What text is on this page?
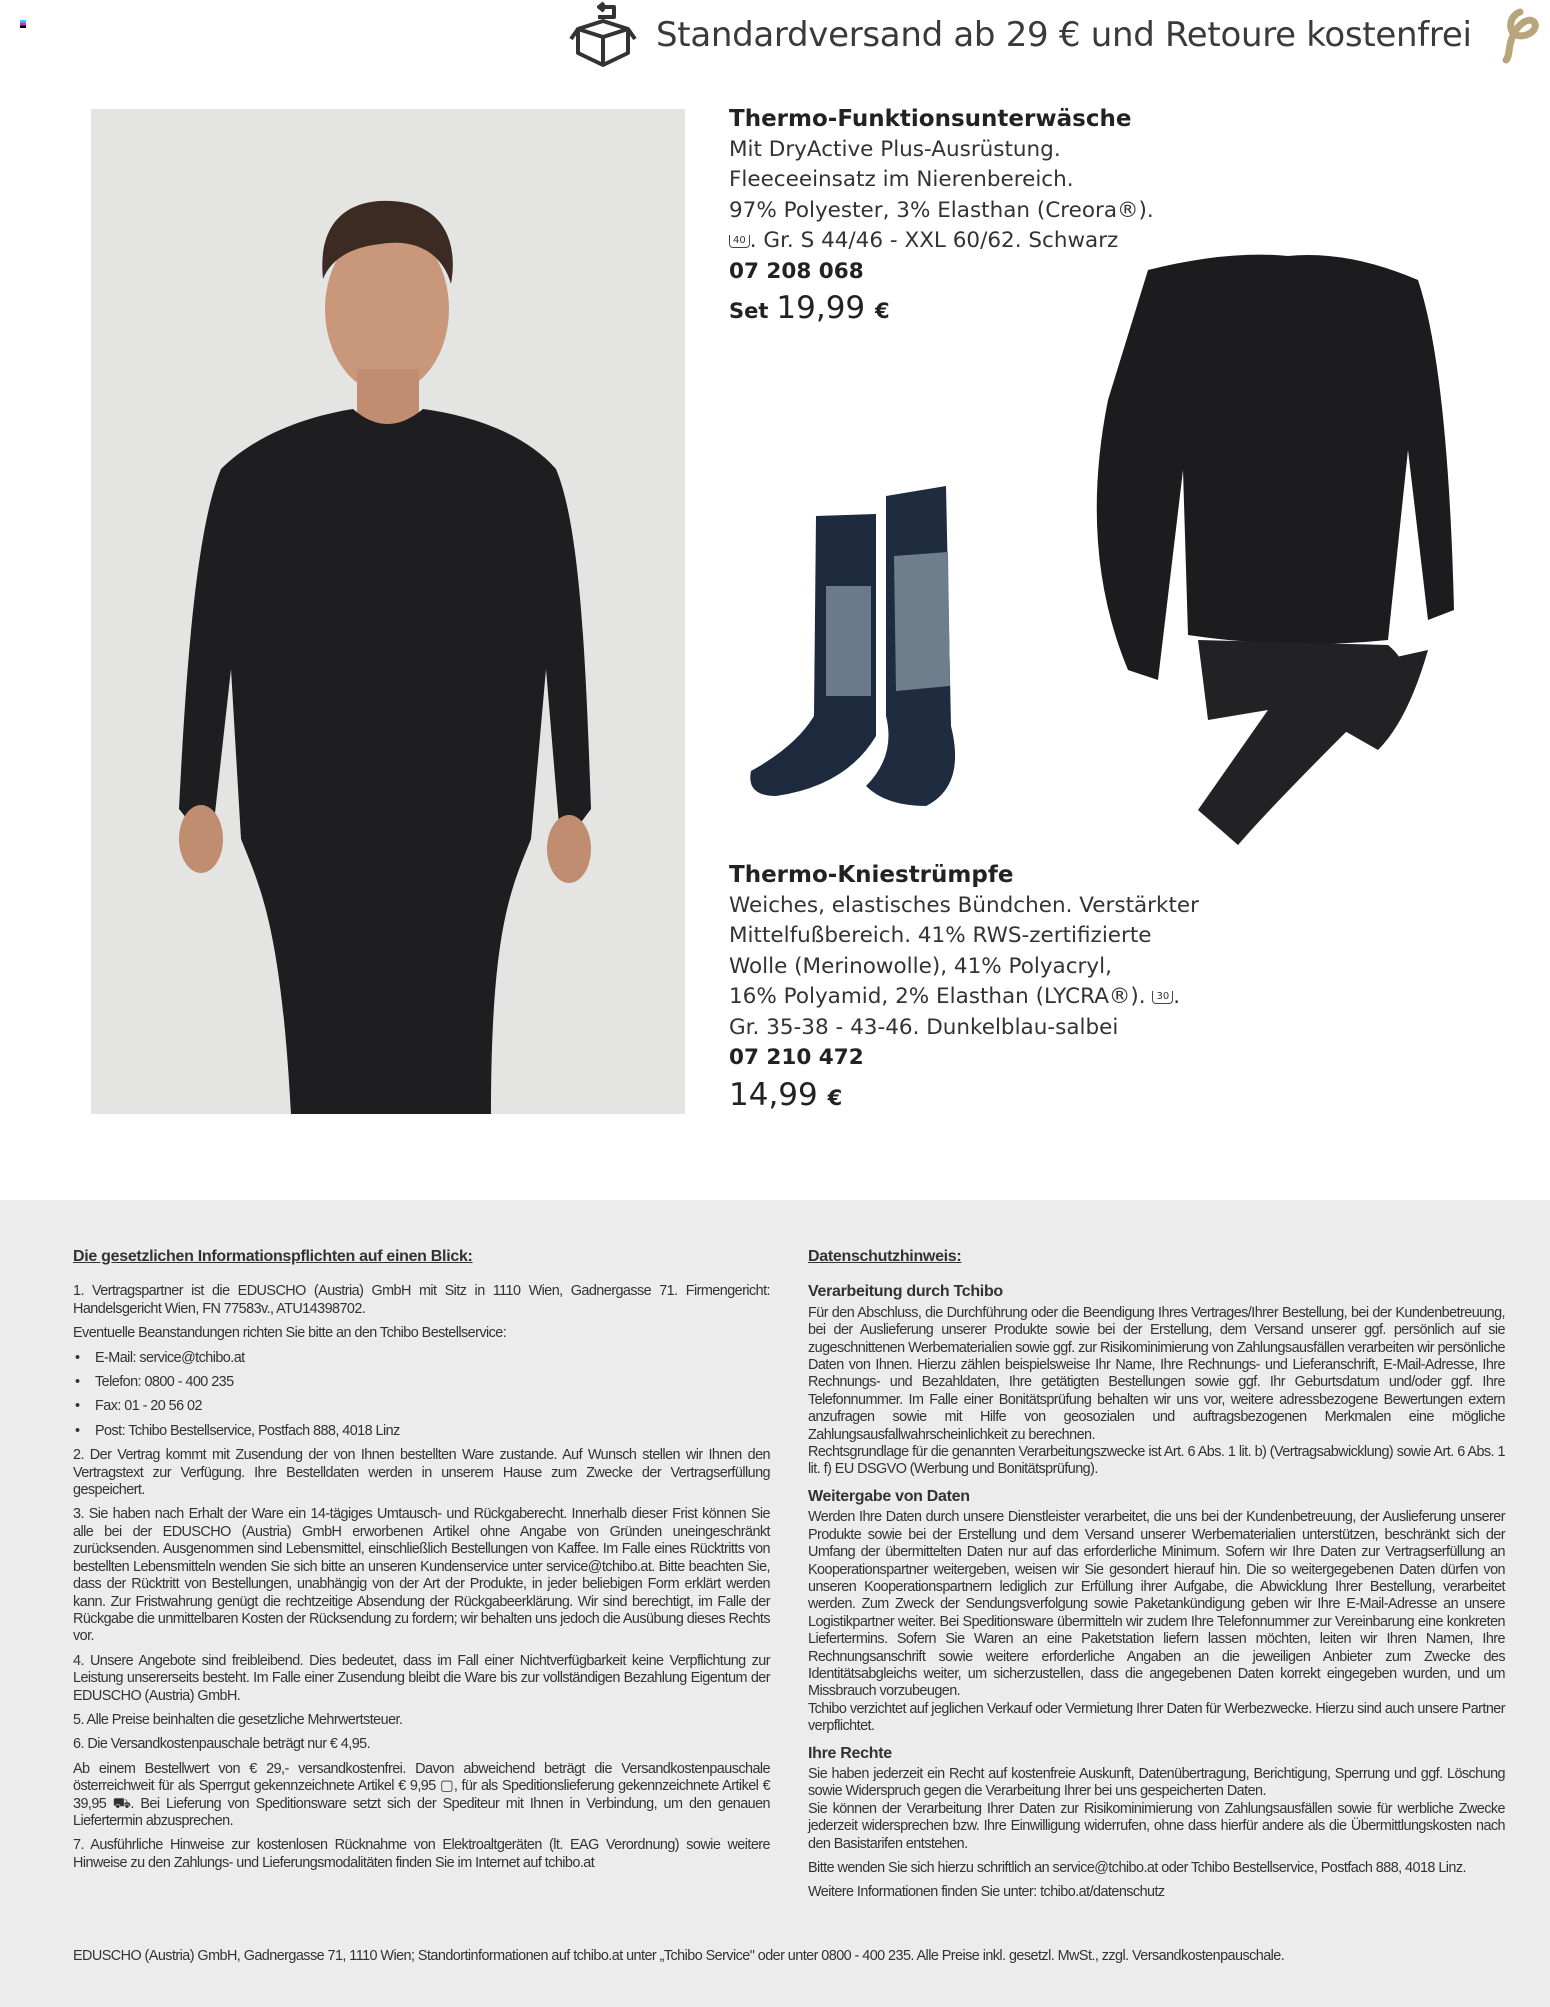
Standardversand ab 29 € und Retoure kostenfrei
Thermo-Funktionsunterwäsche
Mit DryActive Plus-Ausrüstung.
Fleeceeinsatz im Nierenbereich.
97% Polyester, 3% Elasthan (Creora®).
40 . Gr. S 44/46 - XXL 60/62. Schwarz
07 208 068
Set 19,99 €
Thermo-Kniestrümpfe
Weiches, elastisches Bündchen. Verstärkter
Mittelfußbereich. 41% RWS-zertifizierte
Wolle (Merinowolle), 41% Polyacryl,
16% Polyamid, 2% Elasthan (LYCRA®). 30 .
Gr. 35-38 - 43-46. Dunkelblau-salbei
07 210 472
14,99 €
Die gesetzlichen Informationspflichten auf einen Blick:

1. Vertragspartner ist die EDUSCHO (Austria) GmbH mit Sitz in 1110 Wien, Gadnergasse 71. Firmengericht: Handelsgericht Wien, FN 77583v., ATU14398702.

Eventuelle Beanstandungen richten Sie bitte an den Tchibo Bestellservice:

• E-Mail: service@tchibo.at
• Telefon: 0800 - 400 235
• Fax: 01 - 20 56 02
• Post: Tchibo Bestellservice, Postfach 888, 4018 Linz

2. Der Vertrag kommt mit Zusendung der von Ihnen bestellten Ware zustande. Auf Wunsch stellen wir Ihnen den Vertragstext zur Verfügung. Ihre Bestelldaten werden in unserem Hause zum Zwecke der Vertragserfüllung gespeichert.

3. Sie haben nach Erhalt der Ware ein 14-tägiges Umtausch- und Rückgaberecht. Innerhalb dieser Frist können Sie alle bei der EDUSCHO (Austria) GmbH erworbenen Artikel ohne Angabe von Gründen uneingeschränkt zurücksenden. Ausgenommen sind Lebensmittel, einschließlich Bestellungen von Kaffee. Im Falle eines Rücktritts von bestellten Lebensmitteln wenden Sie sich bitte an unseren Kundenservice unter service@tchibo.at. Bitte beachten Sie, dass der Rücktritt von Bestellungen, unabhängig von der Art der Produkte, in jeder beliebigen Form erklärt werden kann. Zur Fristwahrung genügt die rechtzeitige Absendung der Rückgabeerklärung. Wir sind berechtigt, im Falle der Rückgabe die unmittelbaren Kosten der Rücksendung zu fordern; wir behalten uns jedoch die Ausübung dieses Rechts vor.

4. Unsere Angebote sind freibleibend. Dies bedeutet, dass im Fall einer Nichtverfügbarkeit keine Verpflichtung zur Leistung unsererseits besteht. Im Falle einer Zusendung bleibt die Ware bis zur vollständigen Bezahlung Eigentum der EDUSCHO (Austria) GmbH.

5. Alle Preise beinhalten die gesetzliche Mehrwertsteuer.

6. Die Versandkostenpauschale beträgt nur € 4,95.

Ab einem Bestellwert von € 29,- versandkostenfrei. Davon abweichend beträgt die Versandkostenpauschale österreichweit für als Sperrgut gekennzeichnete Artikel € 9,95 ▢, für als Speditionslieferung gekennzeichnete Artikel € 39,95 ⛟. Bei Lieferung von Speditionsware setzt sich der Spediteur mit Ihnen in Verbindung, um den genauen Liefertermin abzusprechen.

7. Ausführliche Hinweise zur kostenlosen Rücknahme von Elektroaltgeräten (lt. EAG Verordnung) sowie weitere Hinweise zu den Zahlungs- und Lieferungsmodalitäten finden Sie im Internet auf tchibo.at

Datenschutzhinweis:
Verarbeitung durch Tchibo
Für den Abschluss, die Durchführung oder die Beendigung Ihres Vertrages/Ihrer Bestellung, bei der Kundenbetreuung, bei der Auslieferung unserer Produkte sowie bei der Erstellung, dem Versand unserer ggf. persönlich auf sie zugeschnittenen Werbematerialien sowie ggf. zur Risikominimierung von Zahlungsausfällen verarbeiten wir persönliche Daten von Ihnen. Hierzu zählen beispielsweise Ihr Name, Ihre Rechnungs- und Lieferanschrift, E-Mail-Adresse, Ihre Rechnungs- und Bezahldaten, Ihre getätigten Bestellungen sowie ggf. Ihr Geburtsdatum und/oder ggf. Ihre Telefonnummer. Im Falle einer Bonitätsprüfung behalten wir uns vor, weitere adressbezogene Bewertungen extern anzufragen sowie mit Hilfe von geosozialen und auftragsbezogenen Merkmalen eine mögliche Zahlungsausfallwahrscheinlichkeit zu berechnen.

Rechtsgrundlage für die genannten Verarbeitungszwecke ist Art. 6 Abs. 1 lit. b) (Vertragsabwicklung) sowie Art. 6 Abs. 1 lit. f) EU DSGVO (Werbung und Bonitätsprüfung).

Weitergabe von Daten
Werden Ihre Daten durch unsere Dienstleister verarbeitet, die uns bei der Kundenbetreuung, der Auslieferung unserer Produkte sowie bei der Erstellung und dem Versand unserer Werbematerialien unterstützen, beschränkt sich der Umfang der übermittelten Daten nur auf das erforderliche Minimum. Sofern wir Ihre Daten zur Vertragserfüllung an Kooperationspartner weitergeben, weisen wir Sie gesondert hierauf hin. Die so weitergegebenen Daten dürfen von unseren Kooperationspartnern lediglich zur Erfüllung ihrer Aufgabe, die Abwicklung Ihrer Bestellung, verarbeitet werden. Zum Zweck der Sendungsverfolgung sowie Paketankündigung geben wir Ihre E-Mail-Adresse an unsere Logistikpartner weiter. Bei Speditionsware übermitteln wir zudem Ihre Telefonnummer zur Vereinbarung eine konkreten Liefertermins. Sofern Sie Waren an eine Paketstation liefern lassen möchten, leiten wir Ihren Namen, Ihre Rechnungsanschrift sowie weitere erforderliche Angaben an die jeweiligen Anbieter zum Zwecke des Identitätsabgleichs weiter, um sicherzustellen, dass die angegebenen Daten korrekt eingegeben wurden, und um Missbrauch vorzubeugen.

Tchibo verzichtet auf jeglichen Verkauf oder Vermietung Ihrer Daten für Werbezwecke. Hierzu sind auch unsere Partner verpflichtet.

Ihre Rechte
Sie haben jederzeit ein Recht auf kostenfreie Auskunft, Datenübertragung, Berichtigung, Sperrung und ggf. Löschung sowie Widerspruch gegen die Verarbeitung Ihrer bei uns gespeicherten Daten.

Sie können der Verarbeitung Ihrer Daten zur Risikominimierung von Zahlungsausfällen sowie für werbliche Zwecke jederzeit widersprechen bzw. Ihre Einwilligung widerrufen, ohne dass hierfür andere als die Übermittlungskosten nach den Basistarifen entstehen.

Bitte wenden Sie sich hierzu schriftlich an service@tchibo.at oder Tchibo Bestellservice, Postfach 888, 4018 Linz.

Weitere Informationen finden Sie unter: tchibo.at/datenschutz

EDUSCHO (Austria) GmbH, Gadnergasse 71, 1110 Wien; Standortinformationen auf tchibo.at unter „Tchibo Service" oder unter 0800 - 400 235. Alle Preise inkl. gesetzl. MwSt., zzgl. Versandkostenpauschale.
